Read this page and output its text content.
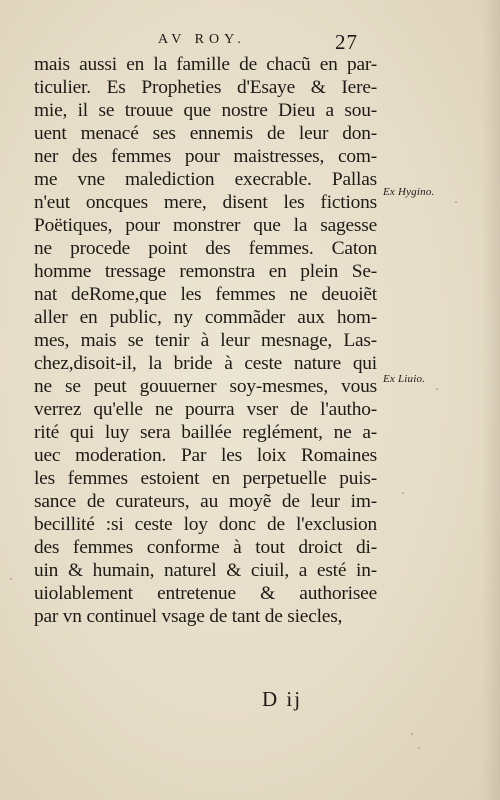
AV ROY.	27
mais aussi en la famille de chacũ en par-
ticulier. Es Propheties d'Esaye & Iere-
mie, il se trouue que nostre Dieu a sou-
uent menacé ses ennemis de leur don-
ner des femmes pour maistresses, com-
me vne malediction execrable. Pallas
n'eut oncques mere, disent les fictions
Poëtiques, pour monstrer que la sagesse
ne procede point des femmes. Caton
homme tressage remonstra en plein Se-
nat deRome,que les femmes ne deuoiẽt
aller en public, ny commãder aux hom-
mes, mais se tenir à leur mesnage, Las-
chez,disoit-il, la bride à ceste nature qui
ne se peut gouuerner soy-mesmes, vous
verrez qu'elle ne pourra vser de l'autho-
rité qui luy sera baillée reglément, ne a-
uec moderation. Par les loix Romaines
les femmes estoient en perpetuelle puis-
sance de curateurs, au moyẽ de leur im-
becillité :si ceste loy donc de l'exclusion
des femmes conforme à tout droict di-
uin & humain, naturel & ciuil, a esté in-
uiolablement entretenue & authorisee
par vn continuel vsage de tant de siecles,
Ex Hygino.
Ex Liuio.
D ij
